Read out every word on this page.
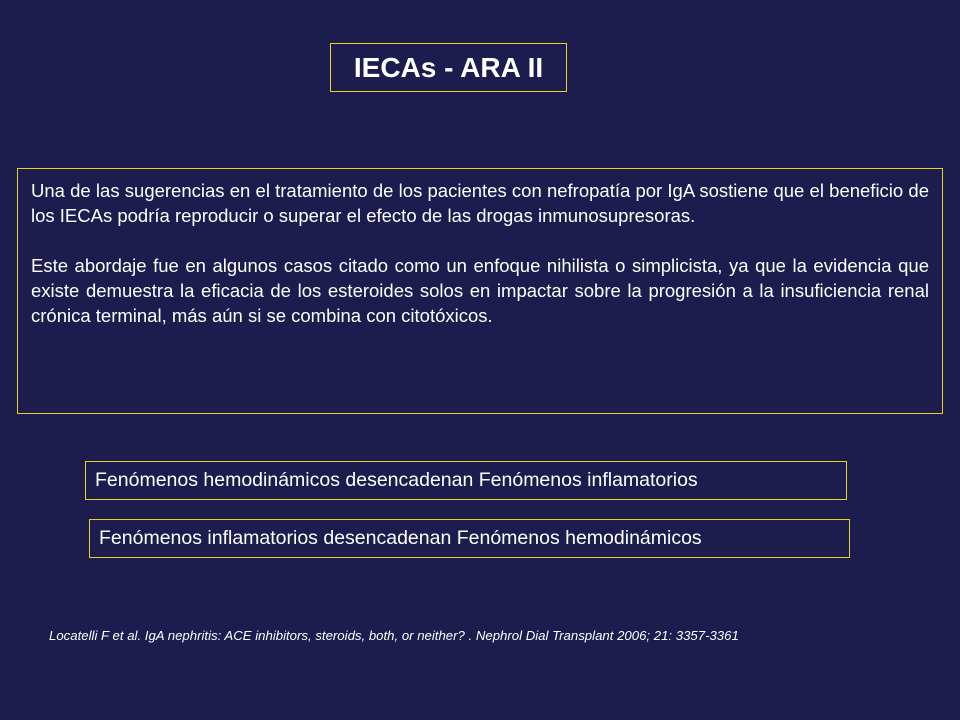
IECAs - ARA II

Una de las sugerencias en el tratamiento de los pacientes con nefropatía por IgA sostiene que el beneficio de los IECAs podría reproducir o superar el efecto de las drogas inmunosupresoras.

Este abordaje fue en algunos casos citado como un enfoque nihilista o simplicista, ya que la evidencia que existe demuestra la eficacia de los esteroides solos en impactar sobre la progresión a la insuficiencia renal crónica terminal, más aún si se combina con citotóxicos.

Fenómenos hemodinámicos desencadenan Fenómenos inflamatorios
Fenómenos inflamatorios desencadenan Fenómenos hemodinámicos
Locatelli F et al. IgA nephritis: ACE inhibitors, steroids, both, or neither? . Nephrol Dial Transplant 2006; 21: 3357-3361
